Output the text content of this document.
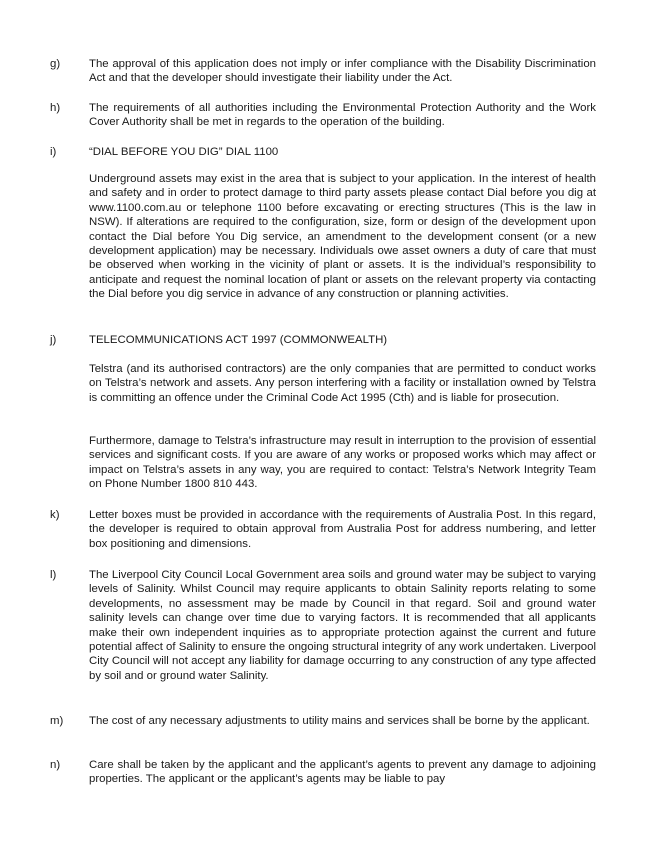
g)	The approval of this application does not imply or infer compliance with the Disability Discrimination Act and that the developer should investigate their liability under the Act.

h)	The requirements of all authorities including the Environmental Protection Authority and the Work Cover Authority shall be met in regards to the operation of the building.

i)	“DIAL BEFORE YOU DIG” DIAL 1100

Underground assets may exist in the area that is subject to your application. In the interest of health and safety and in order to protect damage to third party assets please contact Dial before you dig at www.1100.com.au or telephone 1100 before excavating or erecting structures (This is the law in NSW). If alterations are required to the configuration, size, form or design of the development upon contact the Dial before You Dig service, an amendment to the development consent (or a new development application) may be necessary. Individuals owe asset owners a duty of care that must be observed when working in the vicinity of plant or assets. It is the individual’s responsibility to anticipate and request the nominal location of plant or assets on the relevant property via contacting the Dial before you dig service in advance of any construction or planning activities.

j)	TELECOMMUNICATIONS ACT 1997 (COMMONWEALTH)

Telstra (and its authorised contractors) are the only companies that are permitted to conduct works on Telstra’s network and assets. Any person interfering with a facility or installation owned by Telstra is committing an offence under the Criminal Code Act 1995 (Cth) and is liable for prosecution.

Furthermore, damage to Telstra’s infrastructure may result in interruption to the provision of essential services and significant costs. If you are aware of any works or proposed works which may affect or impact on Telstra’s assets in any way, you are required to contact: Telstra’s Network Integrity Team on Phone Number 1800 810 443.

k)	Letter boxes must be provided in accordance with the requirements of Australia Post. In this regard, the developer is required to obtain approval from Australia Post for address numbering, and letter box positioning and dimensions.

l)	The Liverpool City Council Local Government area soils and ground water may be subject to varying levels of Salinity. Whilst Council may require applicants to obtain Salinity reports relating to some developments, no assessment may be made by Council in that regard. Soil and ground water salinity levels can change over time due to varying factors. It is recommended that all applicants make their own independent inquiries as to appropriate protection against the current and future potential affect of Salinity to ensure the ongoing structural integrity of any work undertaken. Liverpool City Council will not accept any liability for damage occurring to any construction of any type affected by soil and or ground water Salinity.

m) The cost of any necessary adjustments to utility mains and services shall be borne by the applicant.

n)	Care shall be taken by the applicant and the applicant’s agents to prevent any damage to adjoining properties. The applicant or the applicant’s agents may be liable to pay
